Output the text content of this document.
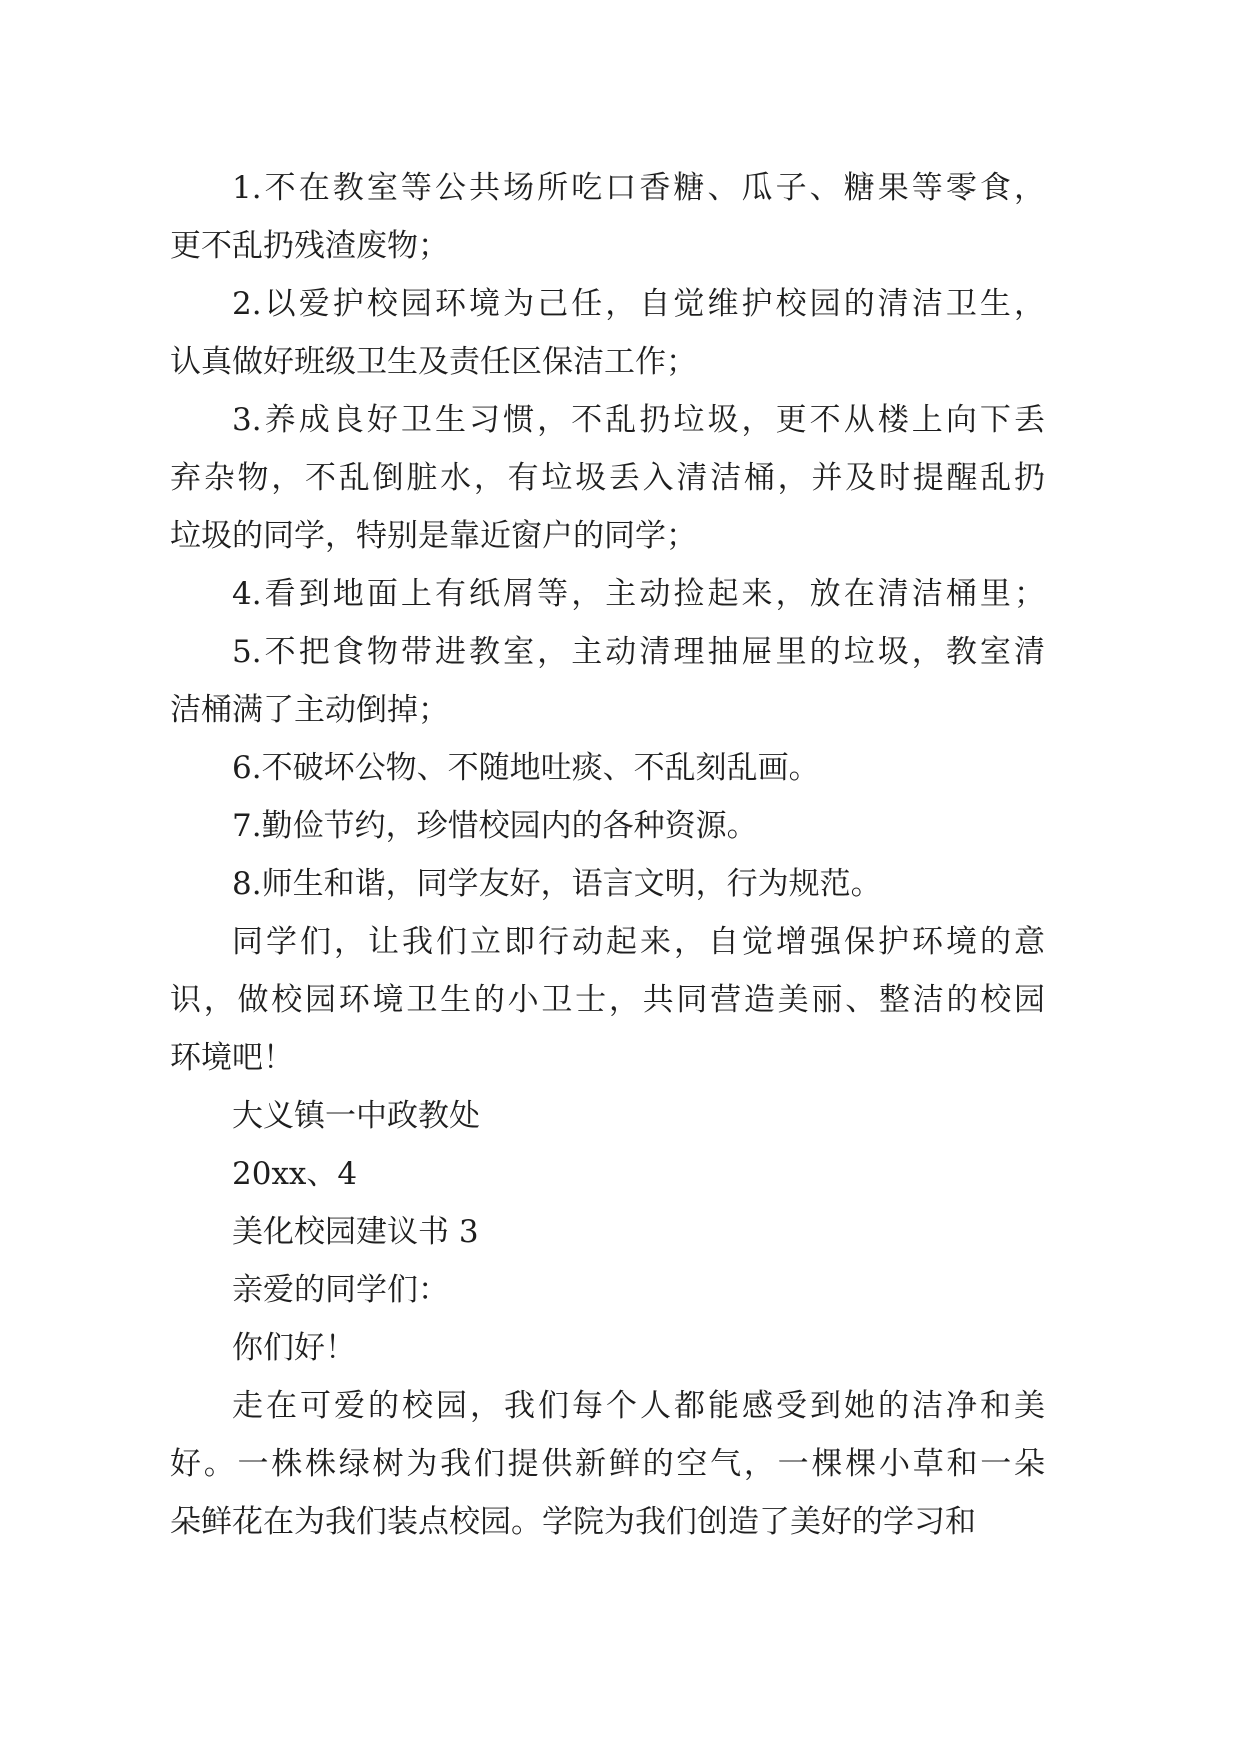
1.不在教室等公共场所吃口香糖、瓜子、糖果等零食，
更不乱扔残渣废物；
2.以爱护校园环境为己任，自觉维护校园的清洁卫生，
认真做好班级卫生及责任区保洁工作；
3.养成良好卫生习惯，不乱扔垃圾，更不从楼上向下丢
弃杂物，不乱倒脏水，有垃圾丢入清洁桶，并及时提醒乱扔
垃圾的同学，特别是靠近窗户的同学；
4.看到地面上有纸屑等，主动捡起来，放在清洁桶里；
5.不把食物带进教室，主动清理抽屉里的垃圾，教室清
洁桶满了主动倒掉；
6.不破坏公物、不随地吐痰、不乱刻乱画。
7.勤俭节约，珍惜校园内的各种资源。
8.师生和谐，同学友好，语言文明，行为规范。
同学们，让我们立即行动起来，自觉增强保护环境的意
识，做校园环境卫生的小卫士，共同营造美丽、整洁的校园
环境吧！
大义镇一中政教处
20xx、4
美化校园建议书 3
亲爱的同学们：
你们好！
走在可爱的校园，我们每个人都能感受到她的洁净和美
好。一株株绿树为我们提供新鲜的空气，一棵棵小草和一朵
朵鲜花在为我们装点校园。学院为我们创造了美好的学习和
